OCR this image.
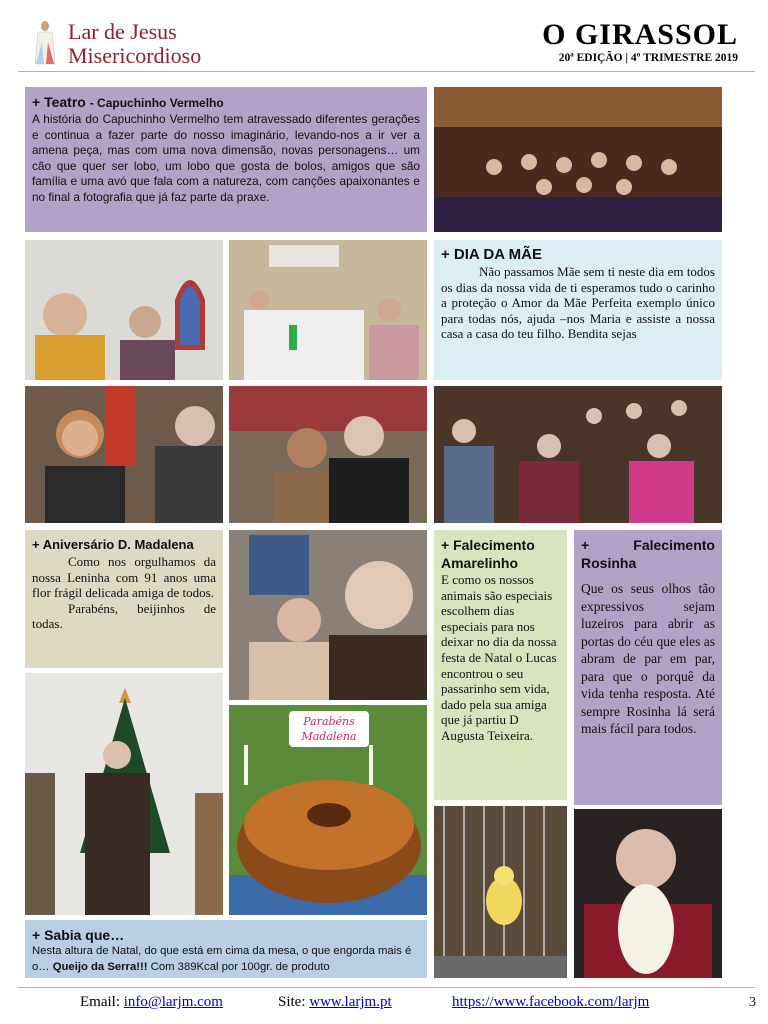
Lar de Jesus
Misericordioso
O GIRASSOL
20ª EDIÇÃO | 4º TRIMESTRE 2019
+ Teatro - Capuchinho Vermelho
A história do Capuchinho Vermelho tem atravessado diferentes gerações e continua a fazer parte do nosso imaginário, levando-nos a ir ver a amena peça, mas com uma nova dimensão, novas personagens… um cão que quer ser lobo, um lobo que gosta de bolos, amigos que são família e uma avó que fala com a natureza, com canções apaixonantes e no final a fotografia que já faz parte da praxe.
+ DIA DA MÃE
Não passamos Mãe sem ti neste dia em todos os dias da nossa vida de ti esperamos tudo o carinho a proteção o Amor da Mãe Perfeita exemplo único para todas nós, ajuda –nos Maria e assiste a nossa casa a casa do teu filho. Bendita sejas
+ Aniversário D. Madalena
Como nos orgulhamos da nossa Leninha com 91 anos uma flor frágil delicada amiga de todos.
Parabéns, beijinhos de todas.
+ Falecimento Amarelinho
E como os nossos animais são especiais escolhem dias especiais para nos deixar no dia da nossa festa de Natal o Lucas encontrou o seu passarinho sem vida, dado pela sua amiga que já partiu D Augusta Teixeira.
+	Falecimento
Rosinha
Que os seus olhos tão expressivos sejam luzeiros para abrir as portas do céu que eles as abram de par em par, para que o porquê da vida tenha resposta. Até sempre Rosinha lá será mais fácil para todos.
Parabéns
Madalena
+ Sabia que…
Nesta altura de Natal, do que está em cima da mesa, o que engorda mais é o… Queijo da Serra!!! Com 389Kcal por 100gr. de produto
Email: info@larjm.com	Site: www.larjm.pt	https://www.facebook.com/larjm	3
